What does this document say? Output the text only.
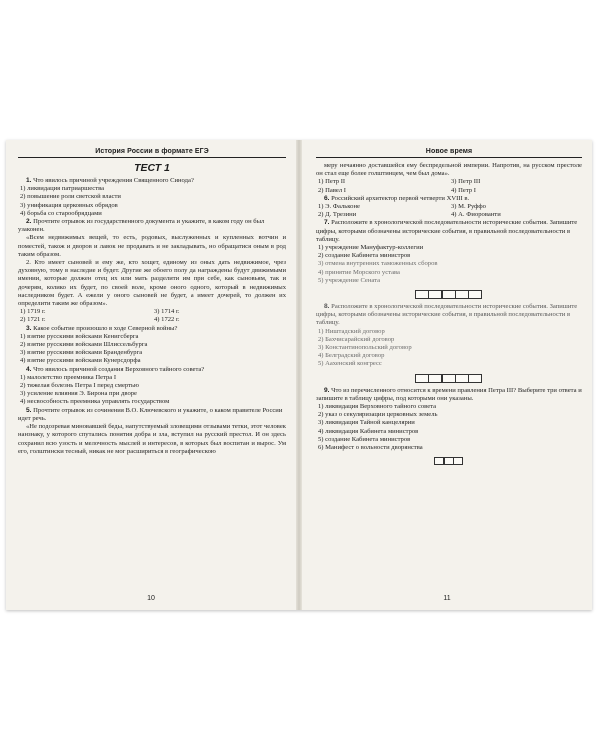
История России в формате ЕГЭ
ТЕСТ 1

1. Что явилось причиной учреждения Священного Синода?

1) ликвидация патриаршества

2) повышение роли светской власти

3) унификация церковных обрядов

4) борьба со старообрядцами

2. Прочтите отрывок из государственного документа и укажите, в каком году он был узаконен.

«Всем недвижимых вещей, то есть, родовых, выслуженных и купленных вотчин и поместей, також и дворов и лавок не продавать и не закладывать, но обращатися оным в род таким образом.

2. Кто имеет сыновей и ему же, кто хощет, единому из оных дать недвижимое, чрез духовную, тому в наследие и будет. Другие же обоего полу да награждены будут движимыми имении, которые должен отец их или мать разделити им при себе, как сыновьям, так и дочерям, колико их будет, по своей воле, кроме оного одного, который в недвижимых наследником будет. А ежели у оного сыновей не будет, а имеет дочерей, то должен их определити таким же образом».

1) 1719 г.	3) 1714 г.
2) 1721 г.	4) 1722 г.

3. Какое событие произошло в ходе Северной войны?

1) взятие русскими войсками Кенигсберга

2) взятие русскими войсками Шлиссельбурга

3) взятие русскими войсками Бранденбурга

4) взятие русскими войсками Кунерсдорфа

4. Что явилось причиной создания Верховного тайного совета?

1) малолетство преемника Петра I

2) тяжелая болезнь Петра I перед смертью

3) усиление влияния Э. Бирона при дворе

4) несвособность преемника управлять государством

5. Прочтите отрывок из сочинения В.О. Ключевского и укажите, о каком правителе России идет речь.

«Не подозревая миновавшей беды, напутствуемый зловещими отзывами тетки, этот человек нанзнаку, у которого спутались понятия добра и зла, вступил на русский престол. И он здесь сохранил всю узость и мелочность мыслей и интересов, в которых был воспитан и вырос. Ум его, голштински тесный, никак не мог расшириться в географическою

10
Новое время

меру нечаянно доставшейся ему беспредельной империи. Напротив, на русском престоле он стал еще более голштинцем, чем был дома».

1) Петр II	3) Петр III
2) Павел I	4) Петр I

6. Российский архитектор первой четверти XVIII в.

1) Э. Фальконе	3) М. Руффо
2) Д. Трезини	4) А. Фиорованти

7. Расположите в хронологической последовательности исторические события. Запишите цифры, которыми обозначены исторические события, в правильной последовательности в таблицу.

1) учреждение Мануфактур-коллегии

2) создание Кабинета министров

3) отмена внутренних таможенных сборов

4) принятие Морского устава

5) учреждение Сената

8. Расположите в хронологической последовательности исторические события. Запишите цифры, которыми обозначены исторические события, в правильной последовательности в таблицу.

1) Ништадский договор

2) Бахчисарайский договор

3) Константинопольский договор

4) Белградский договор

5) Аахенский конгресс

9. Что из перечисленного относится к времени правления Петра III? Выберите три ответа и запишите в таблицу цифры, под которыми они указаны.

1) ликвидация Верховного тайного совета

2) указ о секуляризации церковных земель

3) ликвидация Тайной канцелярии

4) ликвидация Кабинета министров

5) создание Кабинета министров

6) Манифест о вольности дворянства

11
